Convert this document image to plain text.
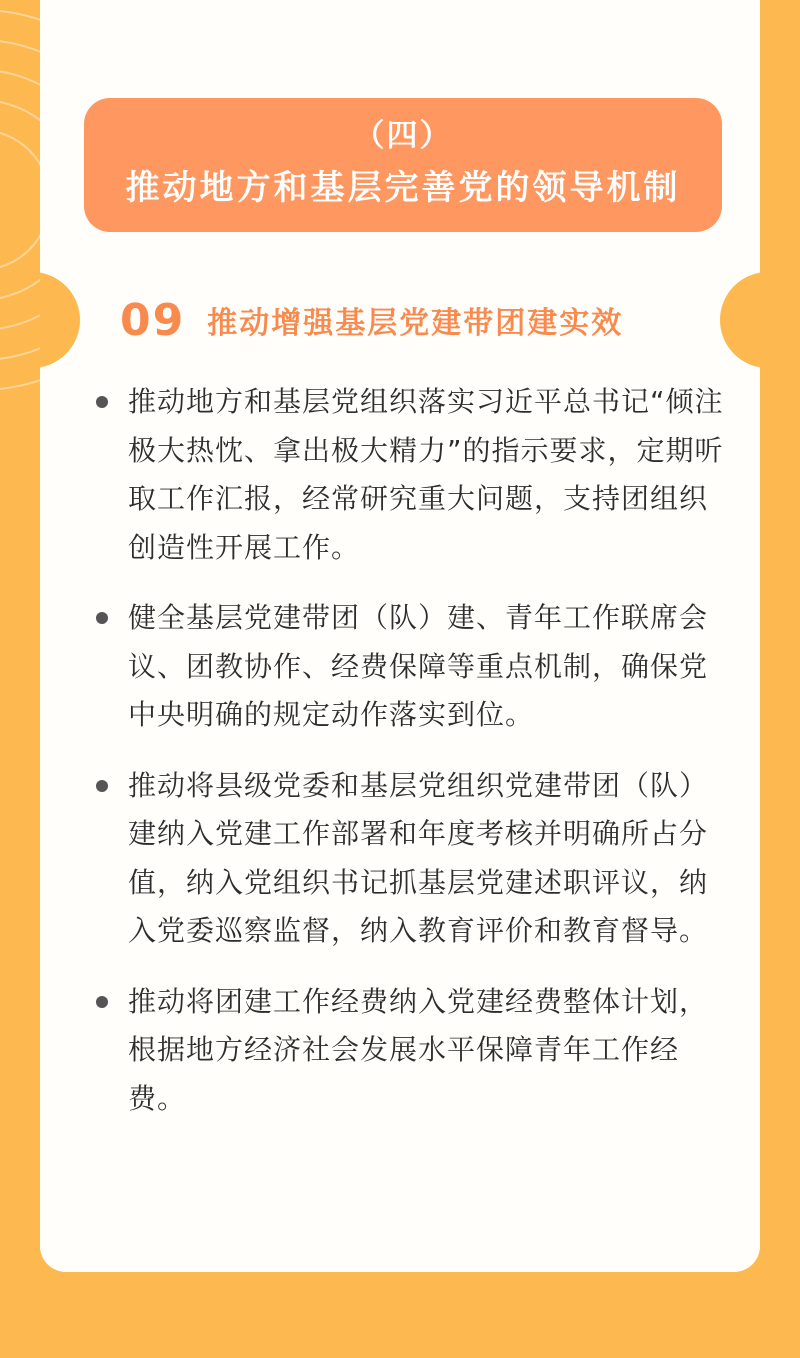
（四）
推动地方和基层完善党的领导机制
09 推动增强基层党建带团建实效
推动地方和基层党组织落实习近平总书记“倾注极大热忱、拿出极大精力”的指示要求，定期听取工作汇报，经常研究重大问题，支持团组织创造性开展工作。
健全基层党建带团（队）建、青年工作联席会议、团教协作、经费保障等重点机制，确保党中央明确的规定动作落实到位。
推动将县级党委和基层党组织党建带团（队）建纳入党建工作部署和年度考核并明确所占分值，纳入党组织书记抓基层党建述职评议，纳入党委巡察监督，纳入教育评价和教育督导。
推动将团建工作经费纳入党建经费整体计划，根据地方经济社会发展水平保障青年工作经费。
